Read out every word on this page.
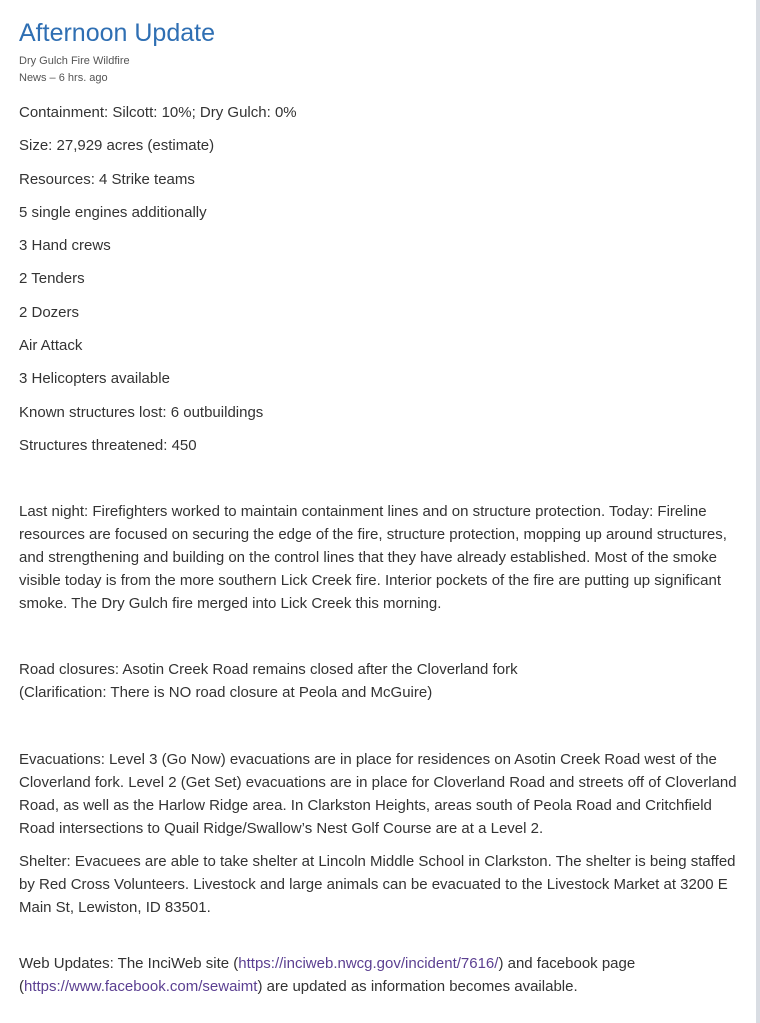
Afternoon Update
Dry Gulch Fire Wildfire
News – 6 hrs. ago
Containment: Silcott: 10%; Dry Gulch: 0%
Size: 27,929 acres (estimate)
Resources: 4 Strike teams
5 single engines additionally
3 Hand crews
2 Tenders
2 Dozers
Air Attack
3 Helicopters available
Known structures lost: 6 outbuildings
Structures threatened: 450

Last night: Firefighters worked to maintain containment lines and on structure protection. Today: Fireline
resources are focused on securing the edge of the fire, structure protection, mopping up around structures,
and strengthening and building on the control lines that they have already established. Most of the smoke
visible today is from the more southern Lick Creek fire. Interior pockets of the fire are putting up significant
smoke. The Dry Gulch fire merged into Lick Creek this morning.

Road closures: Asotin Creek Road remains closed after the Cloverland fork
(Clarification: There is NO road closure at Peola and McGuire)

Evacuations: Level 3 (Go Now) evacuations are in place for residences on Asotin Creek Road west of the
Cloverland fork. Level 2 (Get Set) evacuations are in place for Cloverland Road and streets off of Cloverland
Road, as well as the Harlow Ridge area. In Clarkston Heights, areas south of Peola Road and Critchfield
Road intersections to Quail Ridge/Swallow’s Nest Golf Course are at a Level 2.

Shelter: Evacuees are able to take shelter at Lincoln Middle School in Clarkston. The shelter is being staffed
by Red Cross Volunteers. Livestock and large animals can be evacuated to the Livestock Market at 3200 E
Main St, Lewiston, ID 83501.

Web Updates: The InciWeb site (https://inciweb.nwcg.gov/incident/7616/) and facebook page
(https://www.facebook.com/sewaimt) are updated as information becomes available.
